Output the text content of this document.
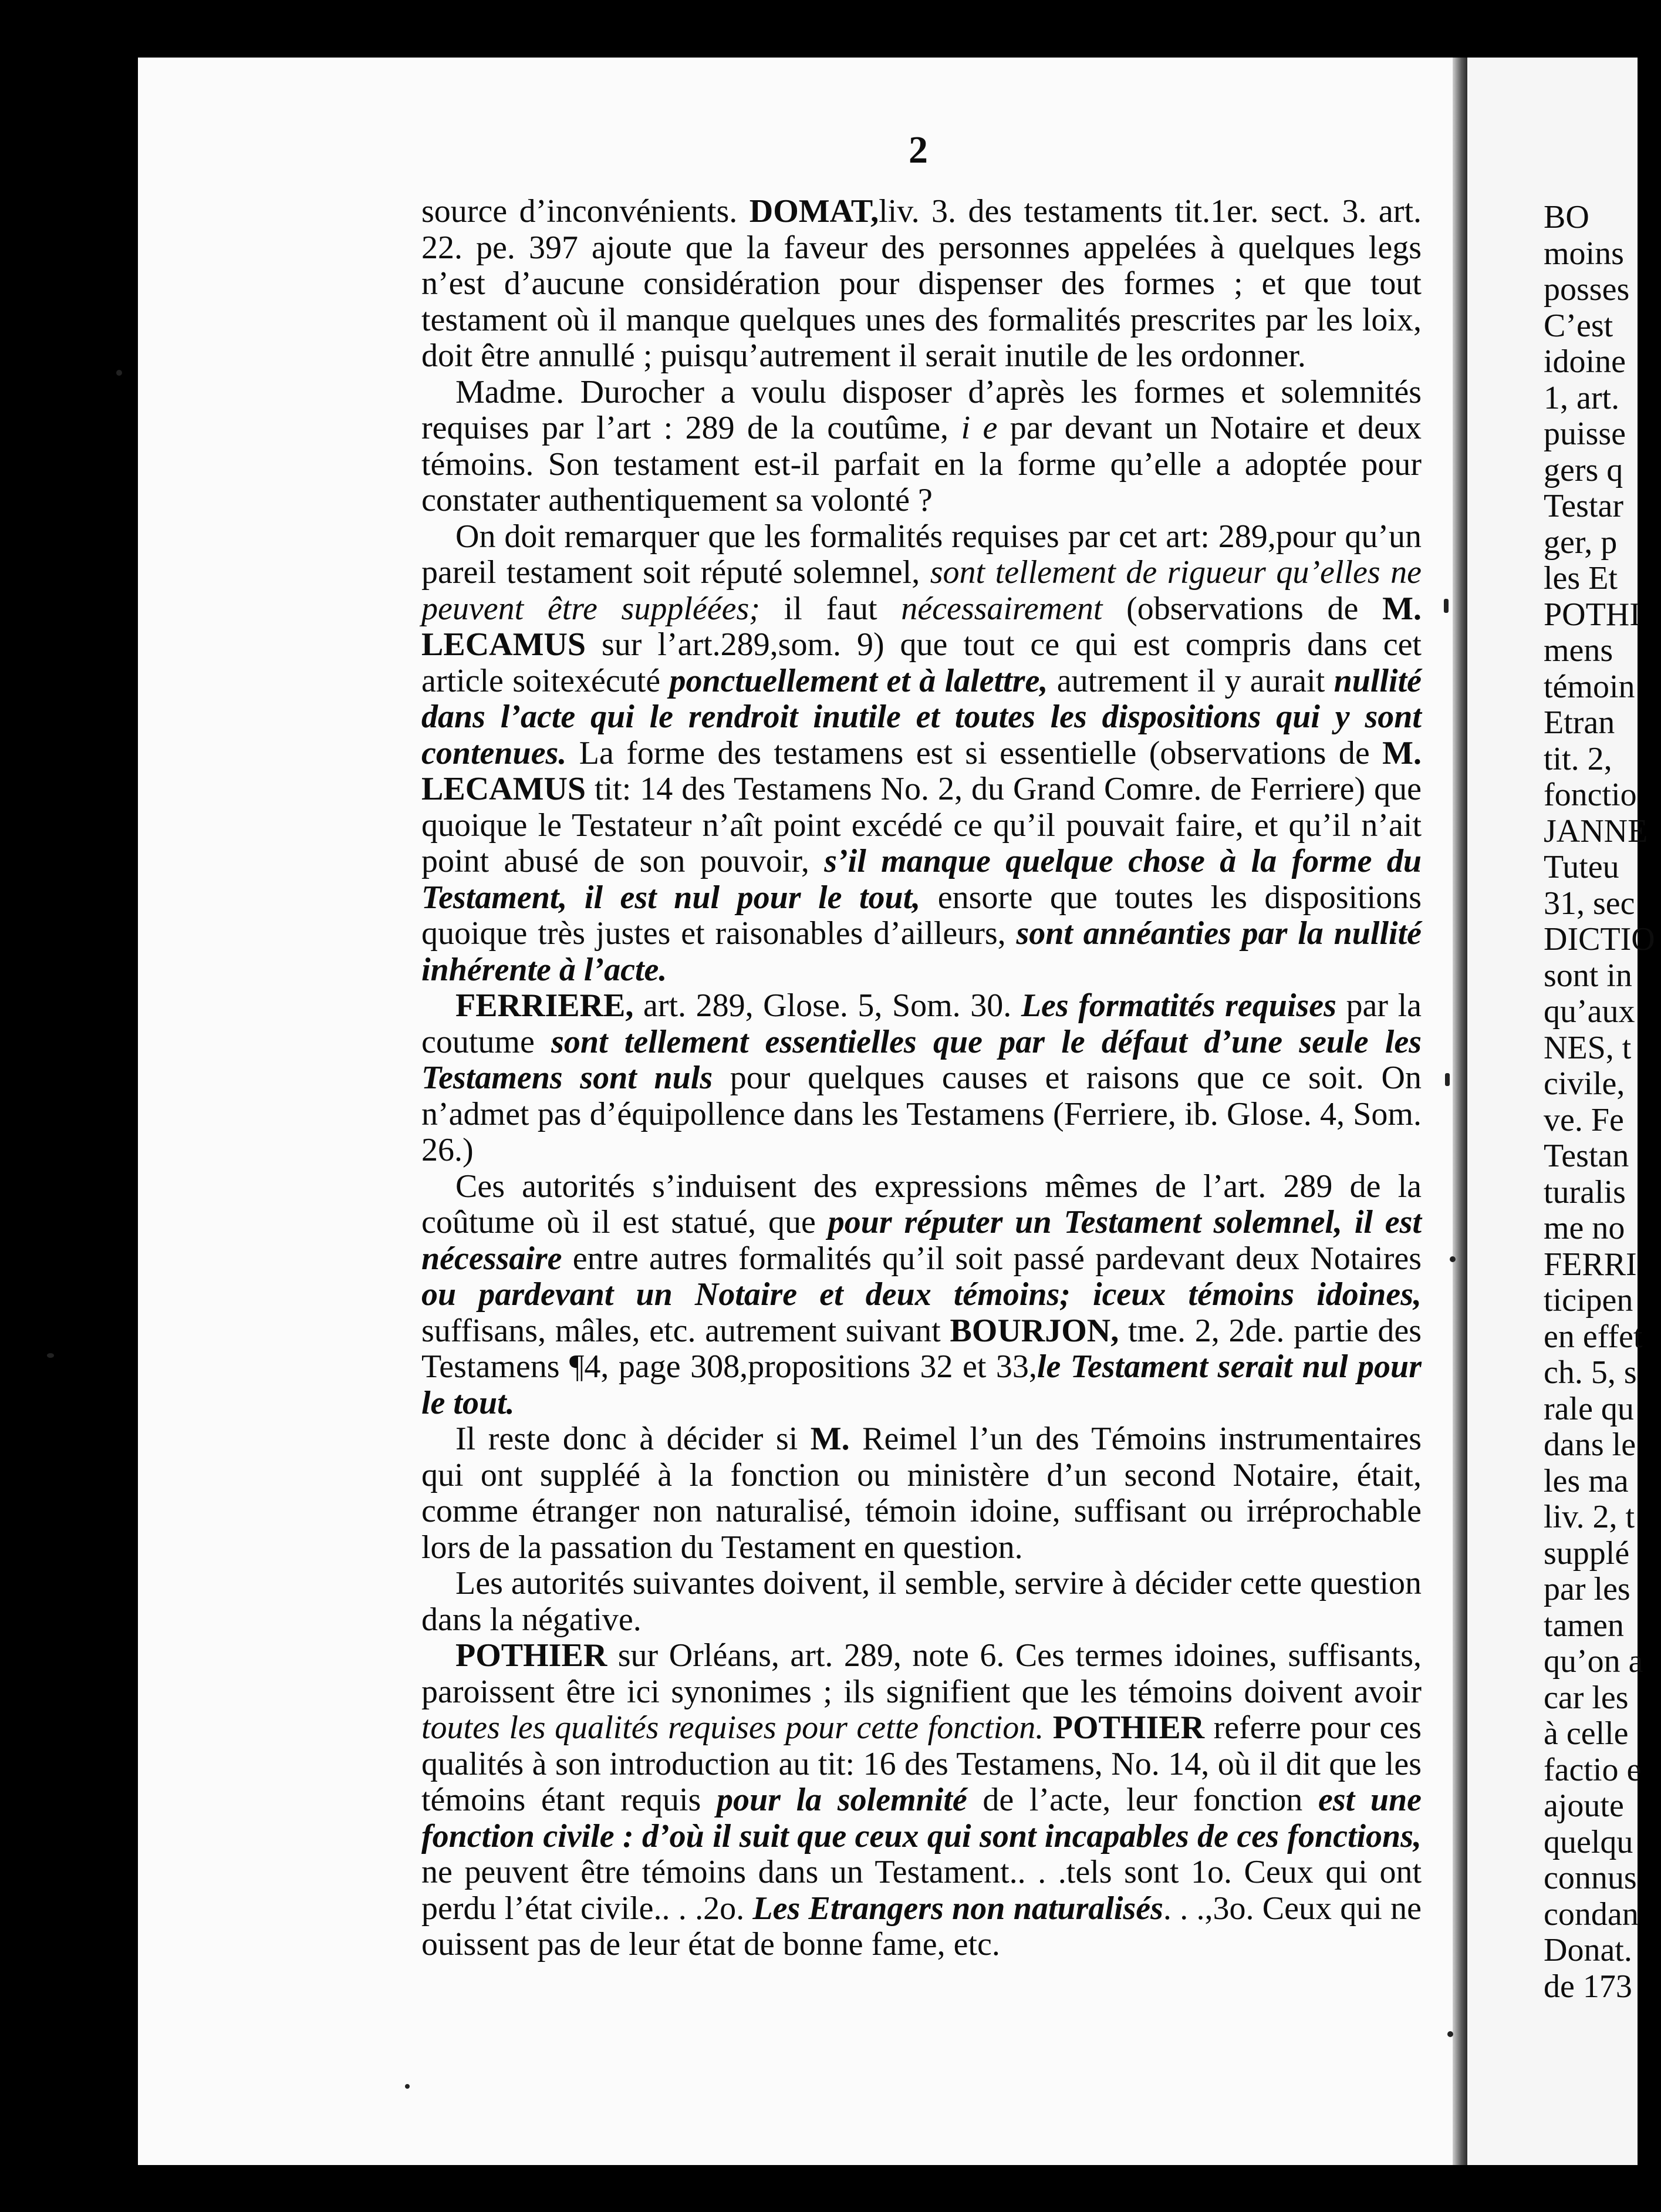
2

source d’inconvénients. DOMAT,liv. 3. des testaments tit.1er. sect. 3. art. 22. pe. 397 ajoute que la faveur des personnes appelées à quelques legs n’est d’aucune considération pour dispenser des formes ; et que tout testament où il manque quelques unes des formalités prescrites par les loix, doit être annullé ; puisqu’autrement il serait inutile de les ordonner.

Madme. Durocher a voulu disposer d’après les formes et solemnités requises par l’art : 289 de la coutûme, i e par devant un Notaire et deux témoins. Son testament est-il parfait en la forme qu’elle a adoptée pour constater authentiquement sa volonté ?

On doit remarquer que les formalités requises par cet art: 289,pour qu’un pareil testament soit réputé solemnel, sont tellement de rigueur qu’elles ne peuvent être suppléées; il faut nécessairement (observations de M. LECAMUS sur l’art.289,som. 9) que tout ce qui est compris dans cet article soitexécuté ponctuellement et à lalettre, autrement il y aurait nullité dans l’acte qui le rendroit inutile et toutes les dispositions qui y sont contenues. La forme des testamens est si essentielle (observations de M. LECAMUS tit: 14 des Testamens No. 2, du Grand Comre. de Ferriere) que quoique le Testateur n’aît point excédé ce qu’il pouvait faire, et qu’il n’ait point abusé de son pouvoir, s’il manque quelque chose à la forme du Testament, il est nul pour le tout, ensorte que toutes les dispositions quoique très justes et raisonables d’ailleurs, sont annéanties par la nullité inhérente à l’acte.

FERRIERE, art. 289, Glose. 5, Som. 30. Les formatités requises par la coutume sont tellement essentielles que par le défaut d’une seule les Testamens sont nuls pour quelques causes et raisons que ce soit. On n’admet pas d’équipollence dans les Testamens (Ferriere, ib. Glose. 4, Som. 26.)

Ces autorités s’induisent des expressions mêmes de l’art. 289 de la coûtume où il est statué, que pour réputer un Testament solemnel, il est nécessaire entre autres formalités qu’il soit passé pardevant deux Notaires ou pardevant un Notaire et deux témoins; iceux témoins idoines, suffisans, mâles, etc. autrement suivant BOURJON, tme. 2, 2de. partie des Testamens ¶4, page 308,propositions 32 et 33,le Testament serait nul pour le tout.

Il reste donc à décider si M. Reimel l’un des Témoins instrumentaires qui ont suppléé à la fonction ou ministère d’un second Notaire, était, comme étranger non naturalisé, témoin idoine, suffisant ou irréprochable lors de la passation du Testament en question.

Les autorités suivantes doivent, il semble, servire à décider cette question dans la négative.

POTHIER sur Orléans, art. 289, note 6. Ces termes idoines, suffisants, paroissent être ici synonimes ; ils signifient que les témoins doivent avoir toutes les qualités requises pour cette fonction. POTHIER referre pour ces qualités à son introduction au tit: 16 des Testamens, No. 14, où il dit que les témoins étant requis pour la solemnité de l’acte, leur fonction est une fonction civile : d’où il suit que ceux qui sont incapables de ces fonctions, ne peuvent être témoins dans un Testament.. . .tels sont 1o. Ceux qui ont perdu l’état civile.. . .2o. Les Etrangers non naturalisés. . .,3o. Ceux qui ne ouissent pas de leur état de bonne fame, etc.

BO
moins
posses
C’est
idoine
1, art.
puisse
gers q
Testar
ger, p
les Et
POTHI
mens
témoin
Etran
tit. 2,
fonctio
JANNE
Tuteu
31, sec
DICTIO
sont in
qu’aux
NES, t
civile,
ve. Fe
Testan
turalis
me no
FERRI
ticipen
en effet
ch. 5, s
rale qu
dans le
les ma
liv. 2, t
supplé
par les
tamen
qu’on a
car les
à celle
factio e
ajoute
quelqu
connus
condan
Donat.
de 173
